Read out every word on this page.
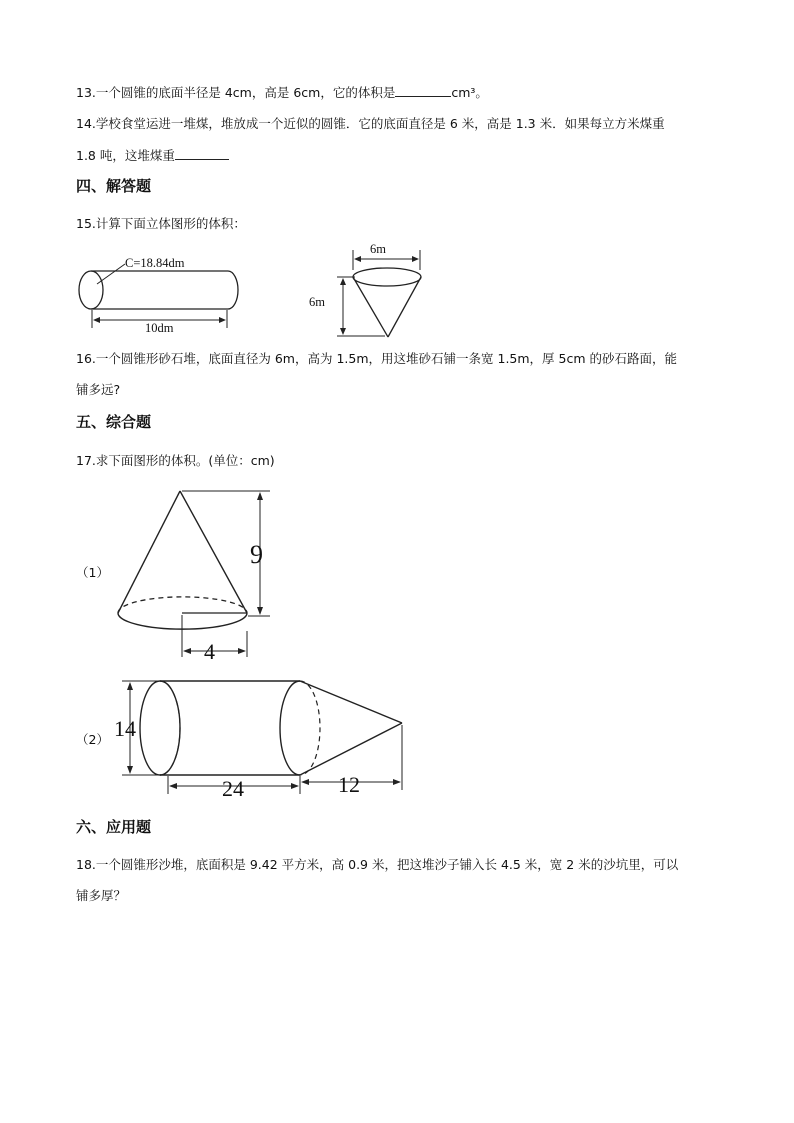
13.一个圆锥的底面半径是 4cm，高是 6cm，它的体积是	cm³。
14.学校食堂运进一堆煤，堆放成一个近似的圆锥．它的底面直径是 6 米，高是 1.3 米．如果每立方米煤重
1.8 吨，这堆煤重
四、解答题
15.计算下面立体图形的体积：
C=18.84dm
10dm
6m
6m
16.一个圆锥形砂石堆，底面直径为 6m，高为 1.5m，用这堆砂石铺一条宽 1.5m，厚 5cm 的砂石路面，能
铺多远?
五、综合题
17.求下面图形的体积。(单位：cm)
（1）
9
4
（2） 14
24	12
六、应用题
18.一个圆锥形沙堆，底面积是 9.42 平方米，高 0.9 米，把这堆沙子铺入长 4.5 米，宽 2 米的沙坑里，可以
铺多厚？
